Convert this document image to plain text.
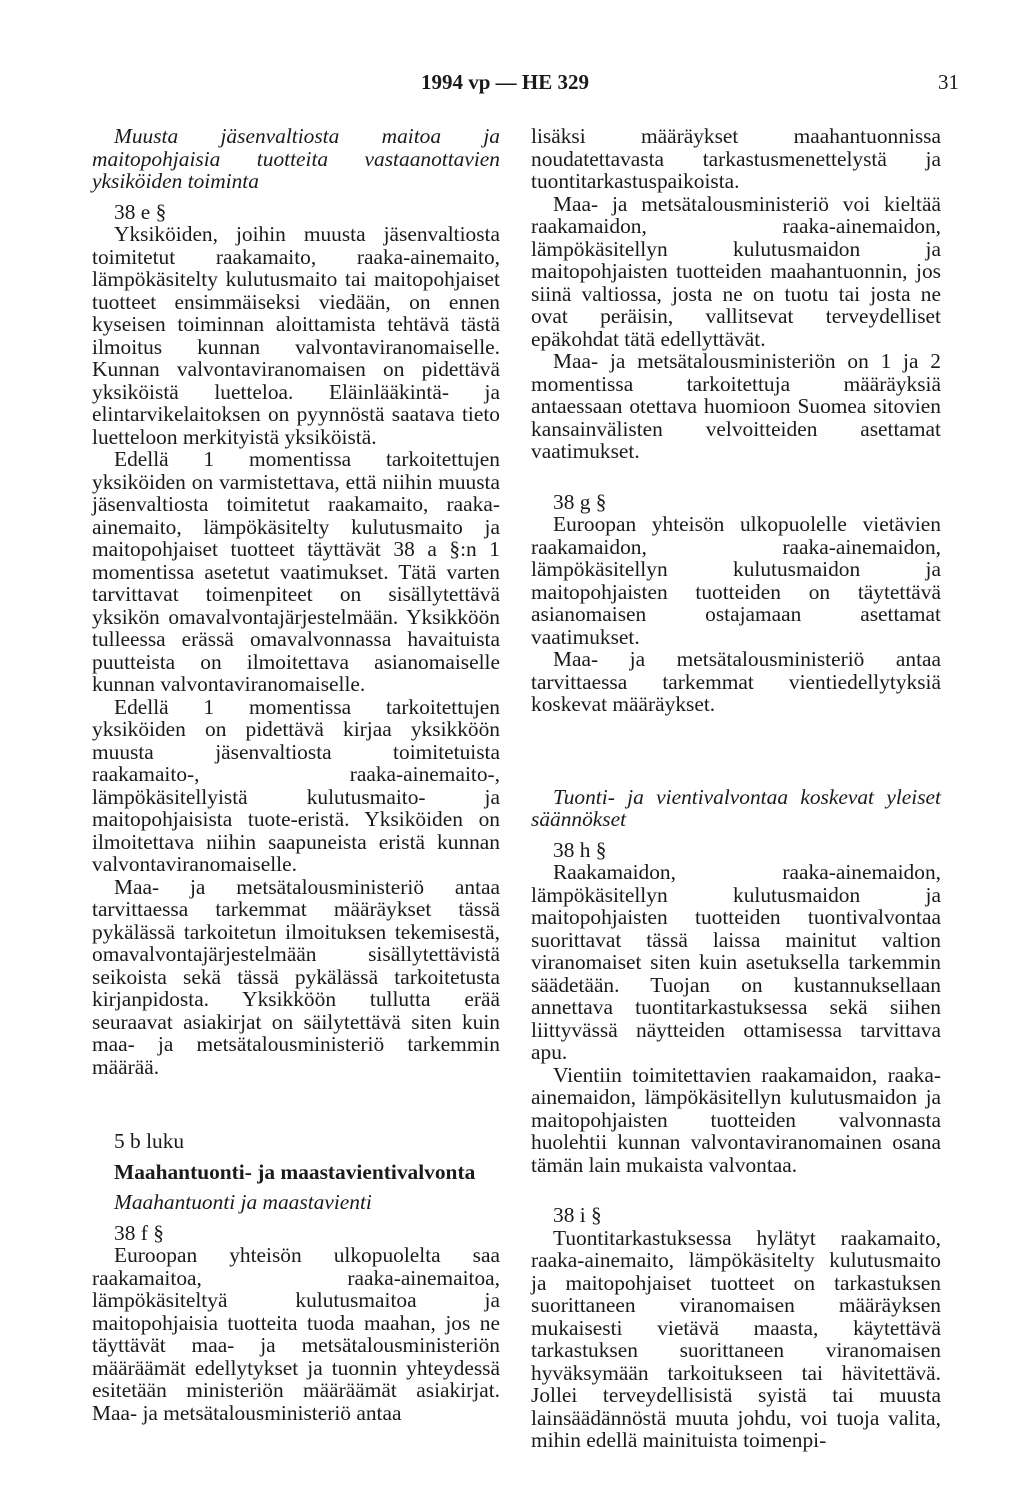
1994 vp — HE 329	31

Muusta jäsenvaltiosta maitoa ja maitopohjaisia tuotteita vastaanottavien yksiköiden toiminta

38 e §

Yksiköiden, joihin muusta jäsenvaltiosta toimitetut raakamaito, raaka-ainemaito, lämpökäsitelty kulutusmaito tai maitopohjaiset tuotteet ensimmäiseksi viedään, on ennen kyseisen toiminnan aloittamista tehtävä tästä ilmoitus kunnan valvontaviranomaiselle. Kunnan valvontaviranomaisen on pidettävä yksiköistä luetteloa. Eläinlääkintä- ja elintarvikelaitoksen on pyynnöstä saatava tieto luetteloon merkityistä yksiköistä.

Edellä 1 momentissa tarkoitettujen yksiköiden on varmistettava, että niihin muusta jäsenvaltiosta toimitetut raakamaito, raaka-ainemaito, lämpökäsitelty kulutusmaito ja maitopohjaiset tuotteet täyttävät 38 a §:n 1 momentissa asetetut vaatimukset. Tätä varten tarvittavat toimenpiteet on sisällytettävä yksikön omavalvontajärjestelmään. Yksikköön tulleessa erässä omavalvonnassa havaituista puutteista on ilmoitettava asianomaiselle kunnan valvontaviranomaiselle.

Edellä 1 momentissa tarkoitettujen yksiköiden on pidettävä kirjaa yksikköön muusta jäsenvaltiosta toimitetuista raakamaito-, raaka-ainemaito-, lämpökäsitellyistä kulutusmaito- ja maitopohjaisista tuote-eristä. Yksiköiden on ilmoitettava niihin saapuneista eristä kunnan valvontaviranomaiselle.

Maa- ja metsätalousministeriö antaa tarvittaessa tarkemmat määräykset tässä pykälässä tarkoitetun ilmoituksen tekemisestä, omavalvontajärjestelmään sisällytettävistä seikoista sekä tässä pykälässä tarkoitetusta kirjanpidosta. Yksikköön tullutta erää seuraavat asiakirjat on säilytettävä siten kuin maa- ja metsätalousministeriö tarkemmin määrää.

5 b luku

Maahantuonti- ja maastavientivalvonta

Maahantuonti ja maastavienti

38 f §

Euroopan yhteisön ulkopuolelta saa raakamaitoa, raaka-ainemaitoa, lämpökäsiteltyä kulutusmaitoa ja maitopohjaisia tuotteita tuoda maahan, jos ne täyttävät maa- ja metsätalousministeriön määräämät edellytykset ja tuonnin yhteydessä esitetään ministeriön määräämät asiakirjat. Maa- ja metsätalousministeriö antaa

lisäksi määräykset maahantuonnissa noudatettavasta tarkastusmenettelystä ja tuontitarkastuspaikoista.

Maa- ja metsätalousministeriö voi kieltää raakamaidon, raaka-ainemaidon, lämpökäsitellyn kulutusmaidon ja maitopohjaisten tuotteiden maahantuonnin, jos siinä valtiossa, josta ne on tuotu tai josta ne ovat peräisin, vallitsevat terveydelliset epäkohdat tätä edellyttävät.

Maa- ja metsätalousministeriön on 1 ja 2 momentissa tarkoitettuja määräyksiä antaessaan otettava huomioon Suomea sitovien kansainvälisten velvoitteiden asettamat vaatimukset.

38 g §

Euroopan yhteisön ulkopuolelle vietävien raakamaidon, raaka-ainemaidon, lämpökäsitellyn kulutusmaidon ja maitopohjaisten tuotteiden on täytettävä asianomaisen ostajamaan asettamat vaatimukset.

Maa- ja metsätalousministeriö antaa tarvittaessa tarkemmat vientiedellytyksiä koskevat määräykset.

Tuonti- ja vientivalvontaa koskevat yleiset säännökset

38 h §

Raakamaidon, raaka-ainemaidon, lämpökäsitellyn kulutusmaidon ja maitopohjaisten tuotteiden tuontivalvontaa suorittavat tässä laissa mainitut valtion viranomaiset siten kuin asetuksella tarkemmin säädetään. Tuojan on kustannuksellaan annettava tuontitarkastuksessa sekä siihen liittyvässä näytteiden ottamisessa tarvittava apu.

Vientiin toimitettavien raakamaidon, raaka-ainemaidon, lämpökäsitellyn kulutusmaidon ja maitopohjaisten tuotteiden valvonnasta huolehtii kunnan valvontaviranomainen osana tämän lain mukaista valvontaa.

38 i §

Tuontitarkastuksessa hylätyt raakamaito, raaka-ainemaito, lämpökäsitelty kulutusmaito ja maitopohjaiset tuotteet on tarkastuksen suorittaneen viranomaisen määräyksen mukaisesti vietävä maasta, käytettävä tarkastuksen suorittaneen viranomaisen hyväksymään tarkoitukseen tai hävitettävä. Jollei terveydellisistä syistä tai muusta lainsäädännöstä muuta johdu, voi tuoja valita, mihin edellä mainituista toimenpi-
